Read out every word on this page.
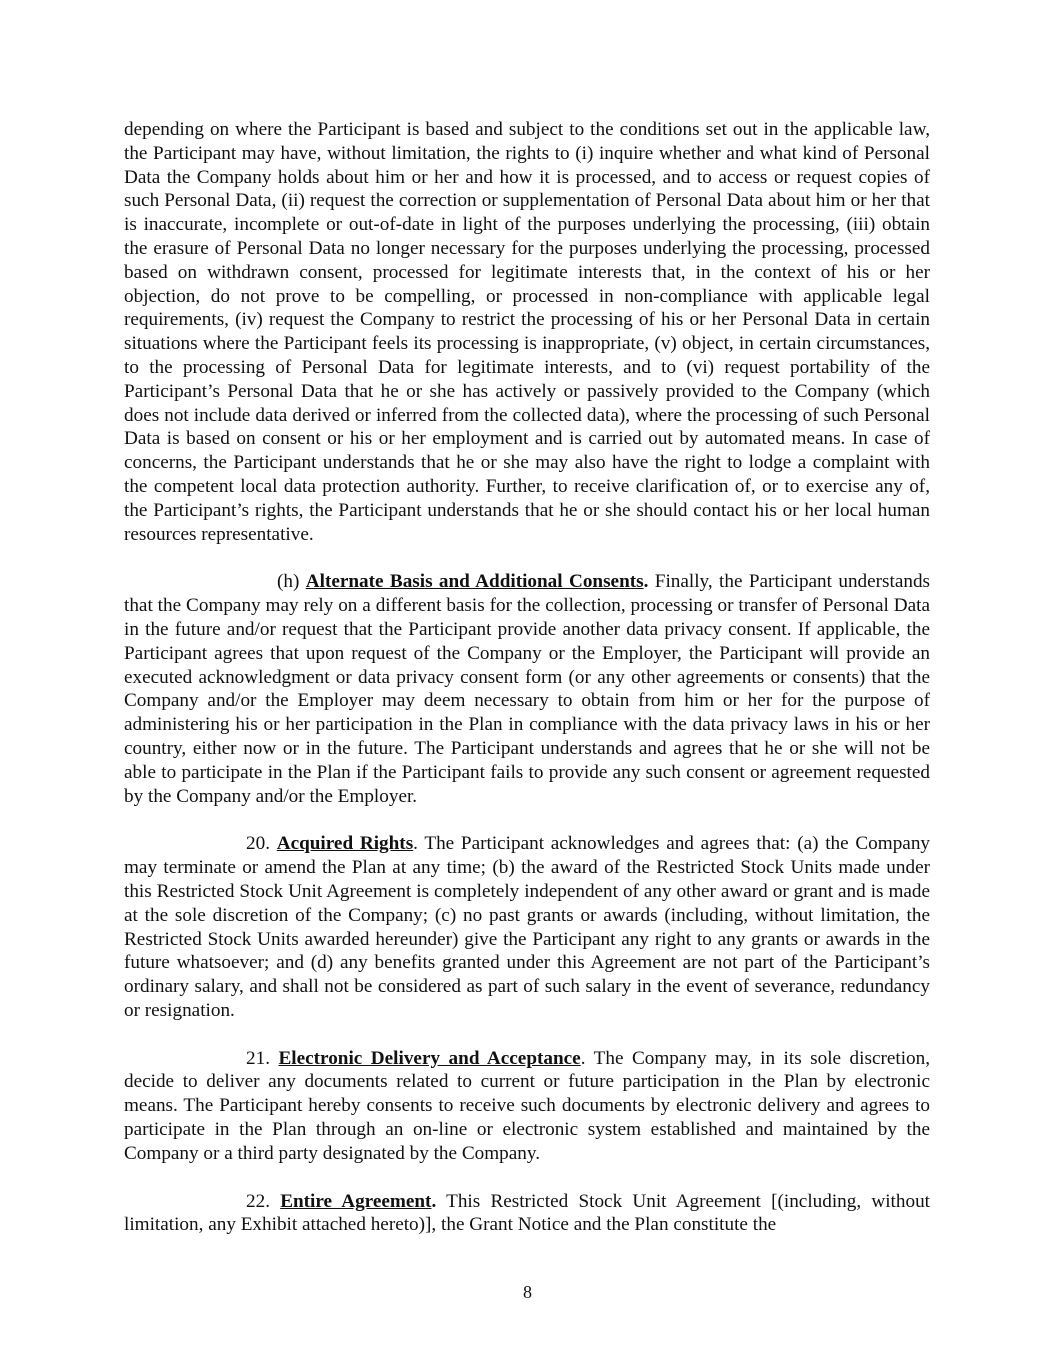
depending on where the Participant is based and subject to the conditions set out in the applicable law, the Participant may have, without limitation, the rights to (i) inquire whether and what kind of Personal Data the Company holds about him or her and how it is processed, and to access or request copies of such Personal Data, (ii) request the correction or supplementation of Personal Data about him or her that is inaccurate, incomplete or out-of-date in light of the purposes underlying the processing, (iii) obtain the erasure of Personal Data no longer necessary for the purposes underlying the processing, processed based on withdrawn consent, processed for legitimate interests that, in the context of his or her objection, do not prove to be compelling, or processed in non-compliance with applicable legal requirements, (iv) request the Company to restrict the processing of his or her Personal Data in certain situations where the Participant feels its processing is inappropriate, (v) object, in certain circumstances, to the processing of Personal Data for legitimate interests, and to (vi) request portability of the Participant’s Personal Data that he or she has actively or passively provided to the Company (which does not include data derived or inferred from the collected data), where the processing of such Personal Data is based on consent or his or her employment and is carried out by automated means. In case of concerns, the Participant understands that he or she may also have the right to lodge a complaint with the competent local data protection authority. Further, to receive clarification of, or to exercise any of, the Participant’s rights, the Participant understands that he or she should contact his or her local human resources representative.

(h) Alternate Basis and Additional Consents. Finally, the Participant understands that the Company may rely on a different basis for the collection, processing or transfer of Personal Data in the future and/or request that the Participant provide another data privacy consent. If applicable, the Participant agrees that upon request of the Company or the Employer, the Participant will provide an executed acknowledgment or data privacy consent form (or any other agreements or consents) that the Company and/or the Employer may deem necessary to obtain from him or her for the purpose of administering his or her participation in the Plan in compliance with the data privacy laws in his or her country, either now or in the future. The Participant understands and agrees that he or she will not be able to participate in the Plan if the Participant fails to provide any such consent or agreement requested by the Company and/or the Employer.

20. Acquired Rights. The Participant acknowledges and agrees that: (a) the Company may terminate or amend the Plan at any time; (b) the award of the Restricted Stock Units made under this Restricted Stock Unit Agreement is completely independent of any other award or grant and is made at the sole discretion of the Company; (c) no past grants or awards (including, without limitation, the Restricted Stock Units awarded hereunder) give the Participant any right to any grants or awards in the future whatsoever; and (d) any benefits granted under this Agreement are not part of the Participant’s ordinary salary, and shall not be considered as part of such salary in the event of severance, redundancy or resignation.

21. Electronic Delivery and Acceptance. The Company may, in its sole discretion, decide to deliver any documents related to current or future participation in the Plan by electronic means. The Participant hereby consents to receive such documents by electronic delivery and agrees to participate in the Plan through an on-line or electronic system established and maintained by the Company or a third party designated by the Company.

22. Entire Agreement. This Restricted Stock Unit Agreement [(including, without limitation, any Exhibit attached hereto)], the Grant Notice and the Plan constitute the

8
